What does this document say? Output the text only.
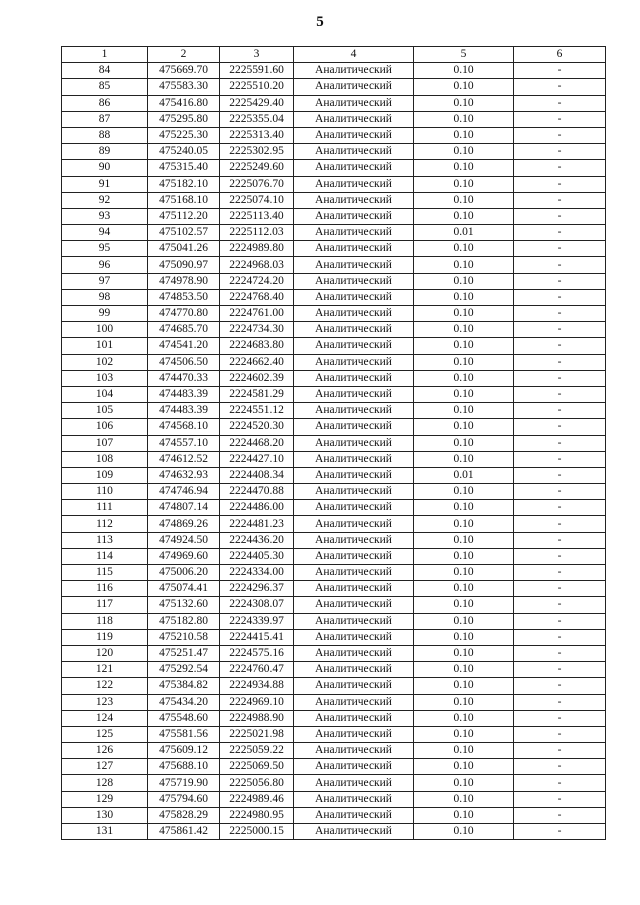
5
1	2	3	4	5	6
84	475669.70	2225591.60	Аналитический	0.10	-
85	475583.30	2225510.20	Аналитический	0.10	-
86	475416.80	2225429.40	Аналитический	0.10	-
87	475295.80	2225355.04	Аналитический	0.10	-
88	475225.30	2225313.40	Аналитический	0.10	-
89	475240.05	2225302.95	Аналитический	0.10	-
90	475315.40	2225249.60	Аналитический	0.10	-
91	475182.10	2225076.70	Аналитический	0.10	-
92	475168.10	2225074.10	Аналитический	0.10	-
93	475112.20	2225113.40	Аналитический	0.10	-
94	475102.57	2225112.03	Аналитический	0.01	-
95	475041.26	2224989.80	Аналитический	0.10	-
96	475090.97	2224968.03	Аналитический	0.10	-
97	474978.90	2224724.20	Аналитический	0.10	-
98	474853.50	2224768.40	Аналитический	0.10	-
99	474770.80	2224761.00	Аналитический	0.10	-
100	474685.70	2224734.30	Аналитический	0.10	-
101	474541.20	2224683.80	Аналитический	0.10	-
102	474506.50	2224662.40	Аналитический	0.10	-
103	474470.33	2224602.39	Аналитический	0.10	-
104	474483.39	2224581.29	Аналитический	0.10	-
105	474483.39	2224551.12	Аналитический	0.10	-
106	474568.10	2224520.30	Аналитический	0.10	-
107	474557.10	2224468.20	Аналитический	0.10	-
108	474612.52	2224427.10	Аналитический	0.10	-
109	474632.93	2224408.34	Аналитический	0.01	-
110	474746.94	2224470.88	Аналитический	0.10	-
111	474807.14	2224486.00	Аналитический	0.10	-
112	474869.26	2224481.23	Аналитический	0.10	-
113	474924.50	2224436.20	Аналитический	0.10	-
114	474969.60	2224405.30	Аналитический	0.10	-
115	475006.20	2224334.00	Аналитический	0.10	-
116	475074.41	2224296.37	Аналитический	0.10	-
117	475132.60	2224308.07	Аналитический	0.10	-
118	475182.80	2224339.97	Аналитический	0.10	-
119	475210.58	2224415.41	Аналитический	0.10	-
120	475251.47	2224575.16	Аналитический	0.10	-
121	475292.54	2224760.47	Аналитический	0.10	-
122	475384.82	2224934.88	Аналитический	0.10	-
123	475434.20	2224969.10	Аналитический	0.10	-
124	475548.60	2224988.90	Аналитический	0.10	-
125	475581.56	2225021.98	Аналитический	0.10	-
126	475609.12	2225059.22	Аналитический	0.10	-
127	475688.10	2225069.50	Аналитический	0.10	-
128	475719.90	2225056.80	Аналитический	0.10	-
129	475794.60	2224989.46	Аналитический	0.10	-
130	475828.29	2224980.95	Аналитический	0.10	-
131	475861.42	2225000.15	Аналитический	0.10	-
